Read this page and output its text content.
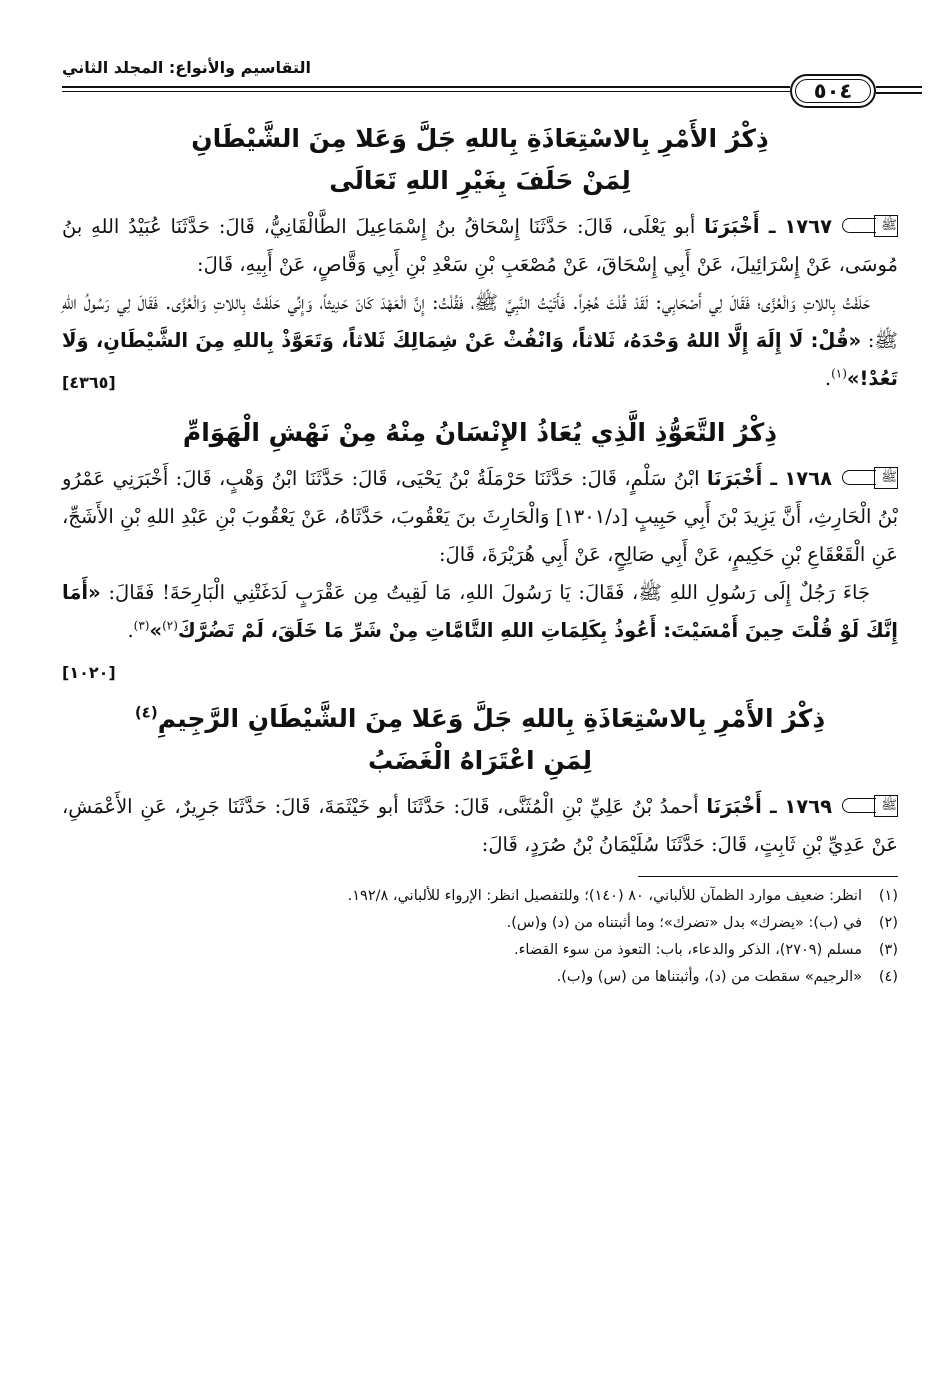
٥٠٤
التقاسيم والأنواع: المجلد الثاني
ذِكْرُ الأَمْرِ بِالاسْتِعَاذَةِ بِاللهِ جَلَّ وَعَلا مِنَ الشَّيْطَانِ
لِمَنْ حَلَفَ بِغَيْرِ اللهِ تَعَالَى

ﷺ
١٧٦٧ ـ أَخْبَرَنَا أبو يَعْلَى، قَالَ: حَدَّثَنَا إِسْحَاقُ بنُ إِسْمَاعِيلَ الطَّالْقَانِيُّ، قَالَ: حَدَّثَنَا عُبَيْدُ اللهِ بنُ مُوسَى، عَنْ إِسْرَائِيلَ، عَنْ أَبِي إِسْحَاقَ، عَنْ مُصْعَبِ بْنِ سَعْدِ بْنِ أَبِي وَقَّاصٍ، عَنْ أَبِيهِ، قَالَ:

حَلَفْتُ بِاللاتِ وَالْعُزَّى؛ فَقَالَ لِي أَصْحَابِي: لَقَدْ قُلْتَ هُجْراً. فَأَتَيْتُ النَّبِيَّ ﷺ، فَقُلْتُ: إِنَّ الْعَهْدَ كَانَ حَدِيثاً، وَإِنِّي حَلَفْتُ بِاللاتِ وَالْعُزَّى. فَقَالَ لِي رَسُولُ اللهِ ﷺ: «قُلْ: لَا إِلَهَ إِلَّا اللهُ وَحْدَهُ، ثَلاثاً، وَانْفُثْ عَنْ شِمَالِكَ ثَلاثاً، وَتَعَوَّذْ بِاللهِ مِنَ الشَّيْطَانِ، وَلَا تَعُدْ!»$^{(١)}$.
[٤٣٦٥]

ذِكْرُ التَّعَوُّذِ الَّذِي يُعَاذُ الإِنْسَانُ مِنْهُ مِنْ نَهْشِ الْهَوَامِّ

ﷺ
١٧٦٨ ـ أَخْبَرَنَا ابْنُ سَلْمٍ، قَالَ: حَدَّثَنَا حَرْمَلَةُ بْنُ يَحْيَى، قَالَ: حَدَّثَنَا ابْنُ وَهْبٍ، قَالَ: أَخْبَرَنِي عَمْرُو بْنُ الْحَارِثِ، أَنَّ يَزِيدَ بْنَ أَبِي حَبِيبٍ [د/١٣٠١] وَالْحَارِثَ بنَ يَعْقُوبَ، حَدَّثَاهُ، عَنْ يَعْقُوبَ بْنِ عَبْدِ اللهِ بْنِ الأَشَجِّ، عَنِ الْقَعْقَاعِ بْنِ حَكِيمٍ، عَنْ أَبِي صَالِحٍ، عَنْ أَبِي هُرَيْرَةَ، قَالَ:

جَاءَ رَجُلٌ إِلَى رَسُولِ اللهِ ﷺ، فَقَالَ: يَا رَسُولَ اللهِ، مَا لَقِيتُ مِن عَقْرَبٍ لَدَغَتْنِي الْبَارِحَةَ! فَقَالَ: «أَمَا إِنَّكَ لَوْ قُلْتَ حِينَ أَمْسَيْتَ: أَعُوذُ بِكَلِمَاتِ اللهِ التَّامَّاتِ مِنْ شَرِّ مَا خَلَقَ، لَمْ تَضُرَّكَ$^{(٢)}$»$^{(٣)}$.
[١٠٢٠]

ذِكْرُ الأَمْرِ بِالاسْتِعَاذَةِ بِاللهِ جَلَّ وَعَلا مِنَ الشَّيْطَانِ الرَّجِيمِ$^{(٤)}$
لِمَنِ اعْتَرَاهُ الْغَضَبُ

ﷺ
١٧٦٩ ـ أَخْبَرَنَا أحمدُ بْنُ عَلِيِّ بْنِ الْمُثَنَّى، قَالَ: حَدَّثَنَا أبو خَيْثَمَةَ، قَالَ: حَدَّثَنَا جَرِيرٌ، عَنِ الأَعْمَشِ، عَنْ عَدِيِّ بْنِ ثَابِتٍ، قَالَ: حَدَّثَنَا سُلَيْمَانُ بْنُ صُرَدٍ، قَالَ:

(١)انظر: ضعيف موارد الظمآن للألباني، ٨٠ (١٤٠)؛ وللتفصيل انظر: الإرواء للألباني، ١٩٢/٨.

(٢)في (ب): «يضرك» بدل «تضرك»؛ وما أثبتناه من (د) و(س).

(٣)مسلم (٢٧٠٩)، الذكر والدعاء، باب: التعوذ من سوء القضاء.

(٤)«الرجيم» سقطت من (د)، وأثبتناها من (س) و(ب).
